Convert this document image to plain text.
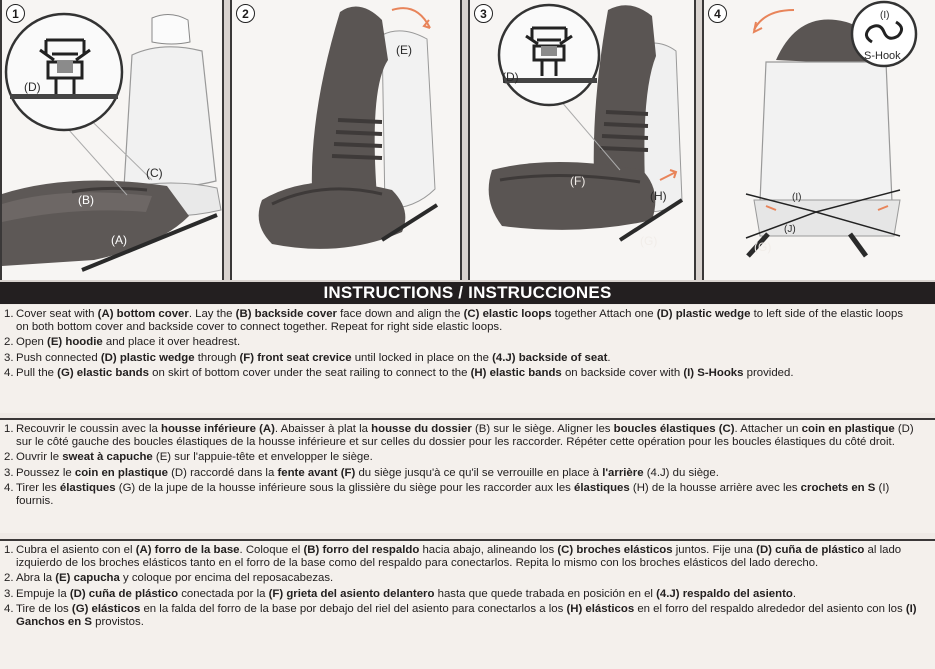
1
(D)
(C)
(B)
(A)
2
(E)
3
(D)
(F)
(H)
(G)
4	(I)
S-Hook
(I)
(J)
(G)
INSTRUCTIONS / INSTRUCCIONES
1. Cover seat with (A) bottom cover. Lay the (B) backside cover face down and align the (C) elastic loops together Attach one (D) plastic wedge to left side of the elastic loops on both bottom cover and backside cover to connect together. Repeat for right side elastic loops.
2. Open (E) hoodie and place it over headrest.
3. Push connected (D) plastic wedge through (F) front seat crevice until locked in place on the (4.J) backside of seat.
4. Pull the (G) elastic bands on skirt of bottom cover under the seat railing to connect to the (H) elastic bands on backside cover with (I) S-Hooks provided.
1. Recouvrir le coussin avec la housse inférieure (A). Abaisser à plat la housse du dossier (B) sur le siège. Aligner les boucles élastiques (C). Attacher un coin en plastique (D) sur le côté gauche des boucles élastiques de la housse inférieure et sur celles du dossier pour les raccorder. Répéter cette opération pour les boucles élastiques du côté droit.
2. Ouvrir le sweat à capuche (E) sur l'appuie-tête et envelopper le siège.
3. Poussez le coin en plastique (D) raccordé dans la fente avant (F) du siège jusqu'à ce qu'il se verrouille en place à l'arrière (4.J) du siège.
4. Tirer les élastiques (G) de la jupe de la housse inférieure sous la glissière du siège pour les raccorder aux les élastiques (H) de la housse arrière avec les crochets en S (I) fournis.
1. Cubra el asiento con el (A) forro de la base. Coloque el (B) forro del respaldo hacia abajo, alineando los (C) broches elásticos juntos. Fije una (D) cuña de plástico al lado izquierdo de los broches elásticos tanto en el forro de la base como del respaldo para conectarlos. Repita lo mismo con los broches elásticos del lado derecho.
2. Abra la (E) capucha y coloque por encima del reposacabezas.
3. Empuje la (D) cuña de plástico conectada por la (F) grieta del asiento delantero hasta que quede trabada en posición en el (4.J) respaldo del asiento.
4. Tire de los (G) elásticos en la falda del forro de la base por debajo del riel del asiento para conectarlos a los (H) elásticos en el forro del respaldo alrededor del asiento con los (I) Ganchos en S provistos.
